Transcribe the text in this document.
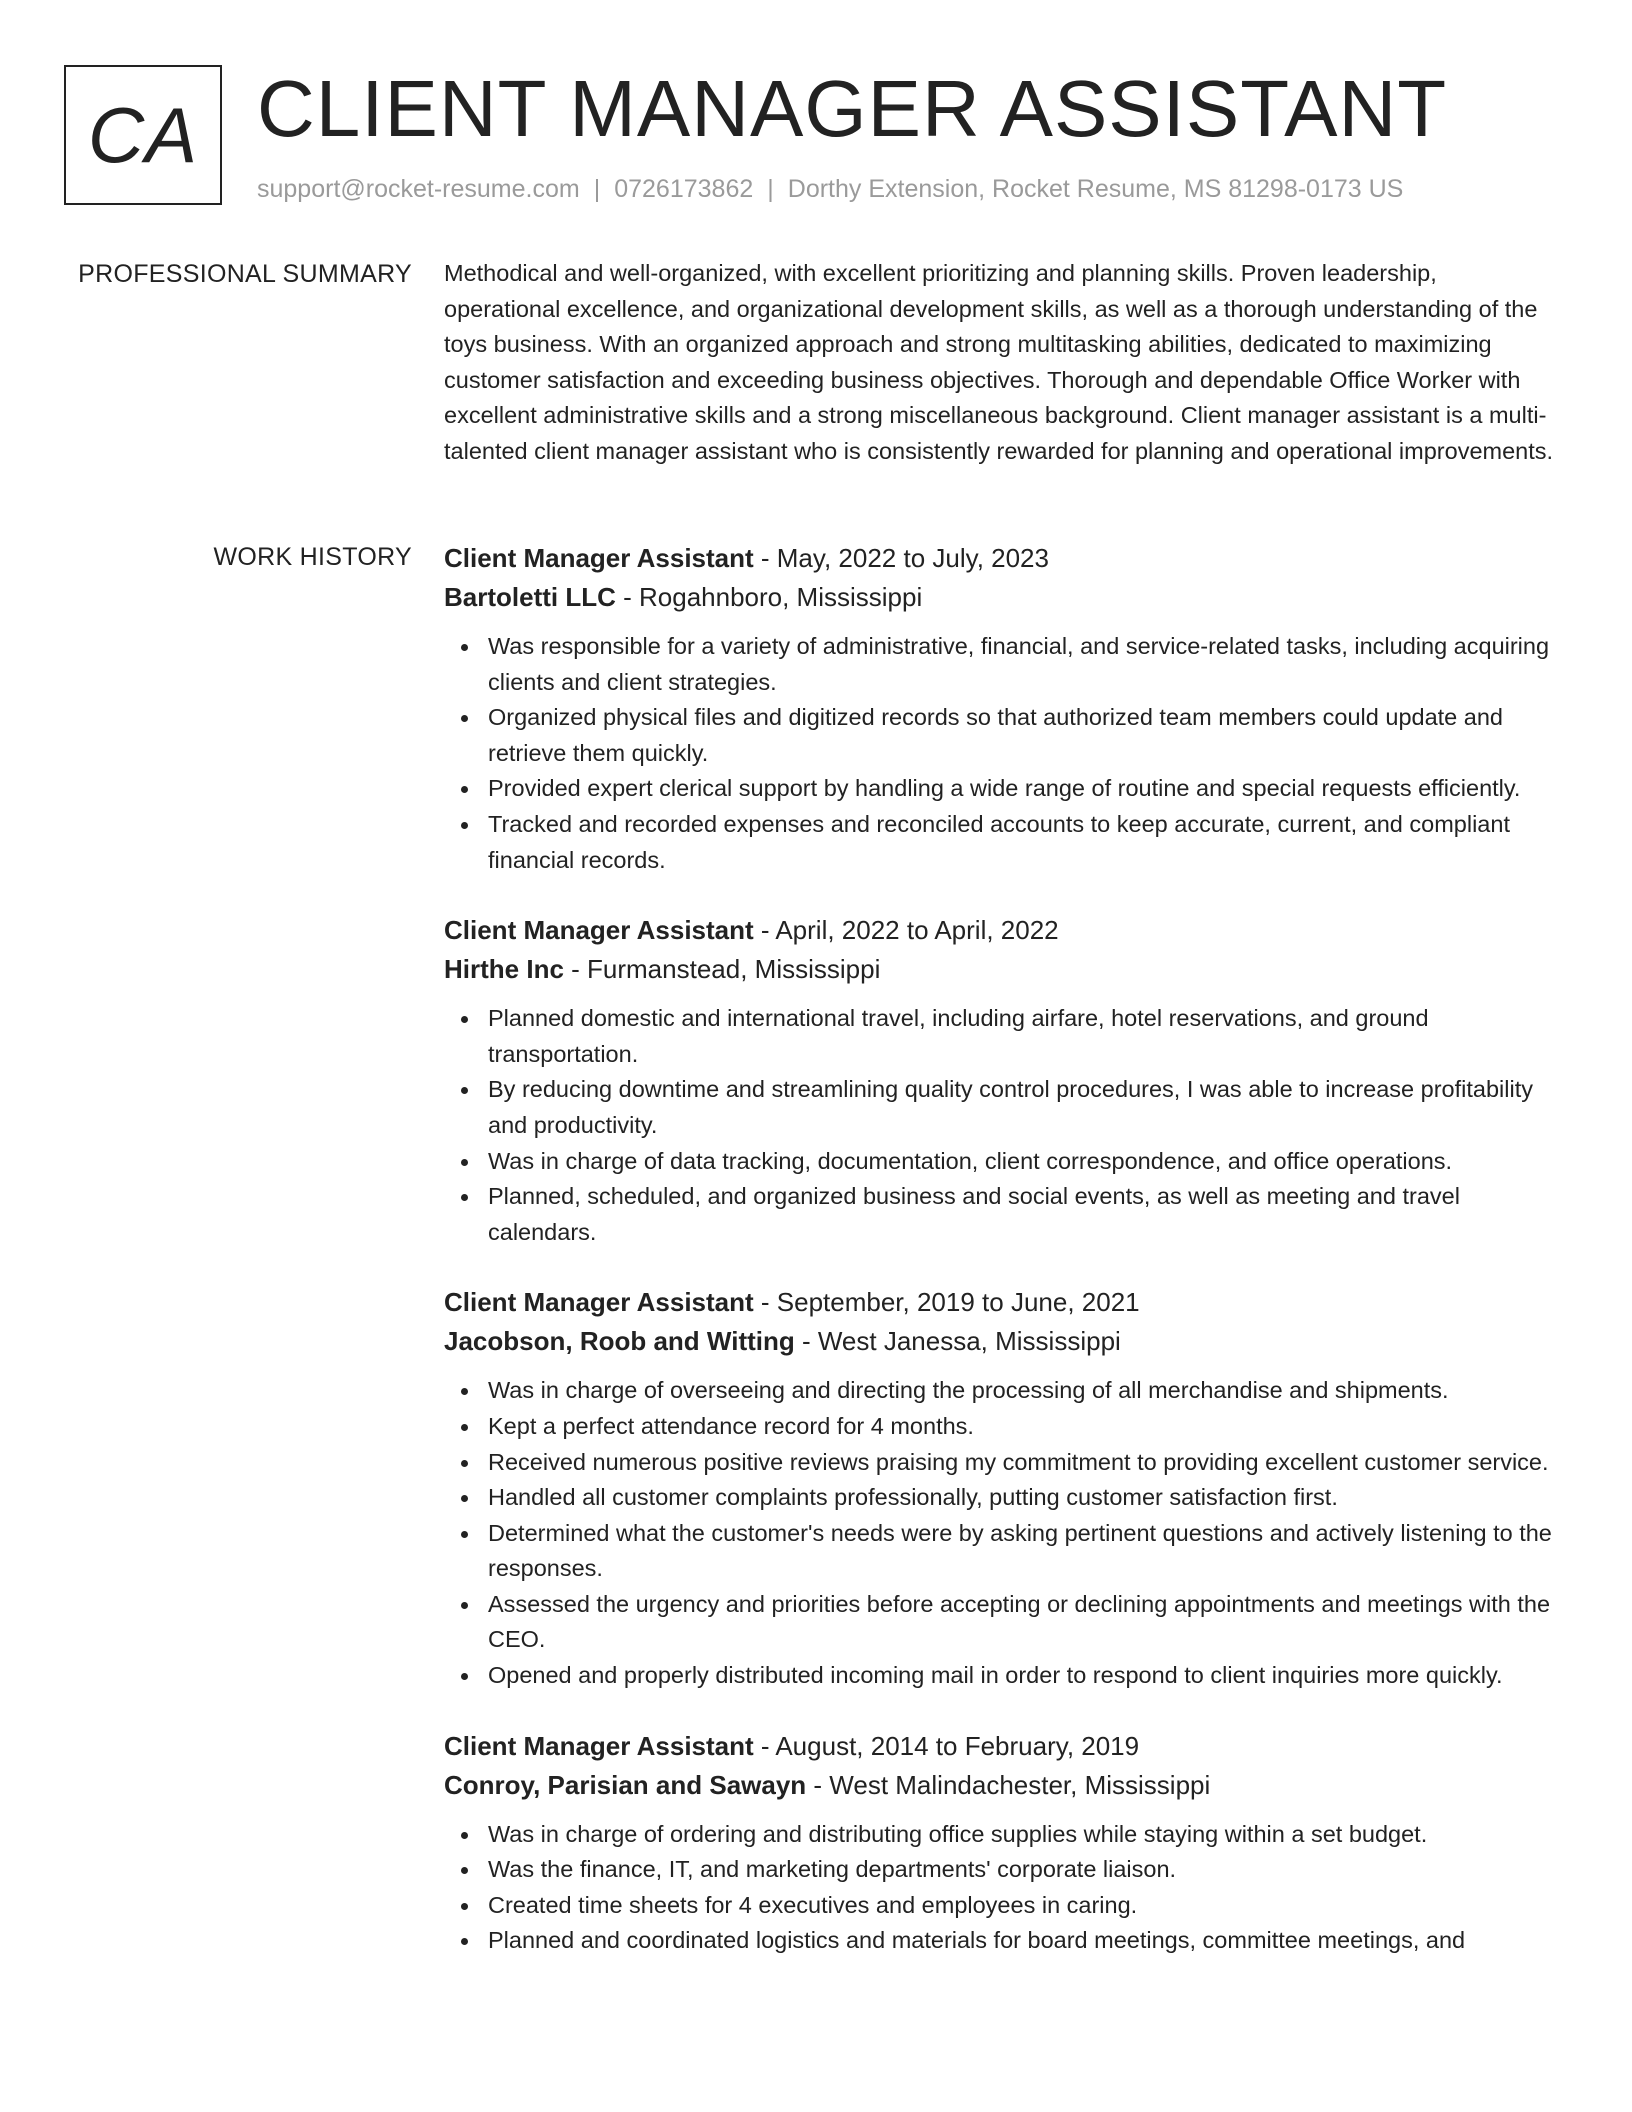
CA CLIENT MANAGER ASSISTANT
support@rocket-resume.com | 0726173862 | Dorthy Extension, Rocket Resume, MS 81298-0173 US
PROFESSIONAL SUMMARY Methodical and well-organized, with excellent prioritizing and planning skills. Proven leadership, operational excellence, and organizational development skills, as well as a thorough understanding of the toys business. With an organized approach and strong multitasking abilities, dedicated to maximizing customer satisfaction and exceeding business objectives. Thorough and dependable Office Worker with excellent administrative skills and a strong miscellaneous background. Client manager assistant is a multi-talented client manager assistant who is consistently rewarded for planning and operational improvements.

WORK HISTORY Client Manager Assistant - May, 2022 to July, 2023
Bartoletti LLC - Rogahnboro, Mississippi
Was responsible for a variety of administrative, financial, and service-related tasks, including acquiring clients and client strategies.
Organized physical files and digitized records so that authorized team members could update and retrieve them quickly.
Provided expert clerical support by handling a wide range of routine and special requests efficiently.
Tracked and recorded expenses and reconciled accounts to keep accurate, current, and compliant financial records.
Client Manager Assistant - April, 2022 to April, 2022
Hirthe Inc - Furmanstead, Mississippi
Planned domestic and international travel, including airfare, hotel reservations, and ground transportation.
By reducing downtime and streamlining quality control procedures, I was able to increase profitability and productivity.
Was in charge of data tracking, documentation, client correspondence, and office operations.
Planned, scheduled, and organized business and social events, as well as meeting and travel calendars.
Client Manager Assistant - September, 2019 to June, 2021
Jacobson, Roob and Witting - West Janessa, Mississippi
Was in charge of overseeing and directing the processing of all merchandise and shipments.
Kept a perfect attendance record for 4 months.
Received numerous positive reviews praising my commitment to providing excellent customer service.
Handled all customer complaints professionally, putting customer satisfaction first.
Determined what the customer's needs were by asking pertinent questions and actively listening to the responses.
Assessed the urgency and priorities before accepting or declining appointments and meetings with the CEO.
Opened and properly distributed incoming mail in order to respond to client inquiries more quickly.
Client Manager Assistant - August, 2014 to February, 2019
Conroy, Parisian and Sawayn - West Malindachester, Mississippi
Was in charge of ordering and distributing office supplies while staying within a set budget.
Was the finance, IT, and marketing departments' corporate liaison.
Created time sheets for 4 executives and employees in caring.
Planned and coordinated logistics and materials for board meetings, committee meetings, and
